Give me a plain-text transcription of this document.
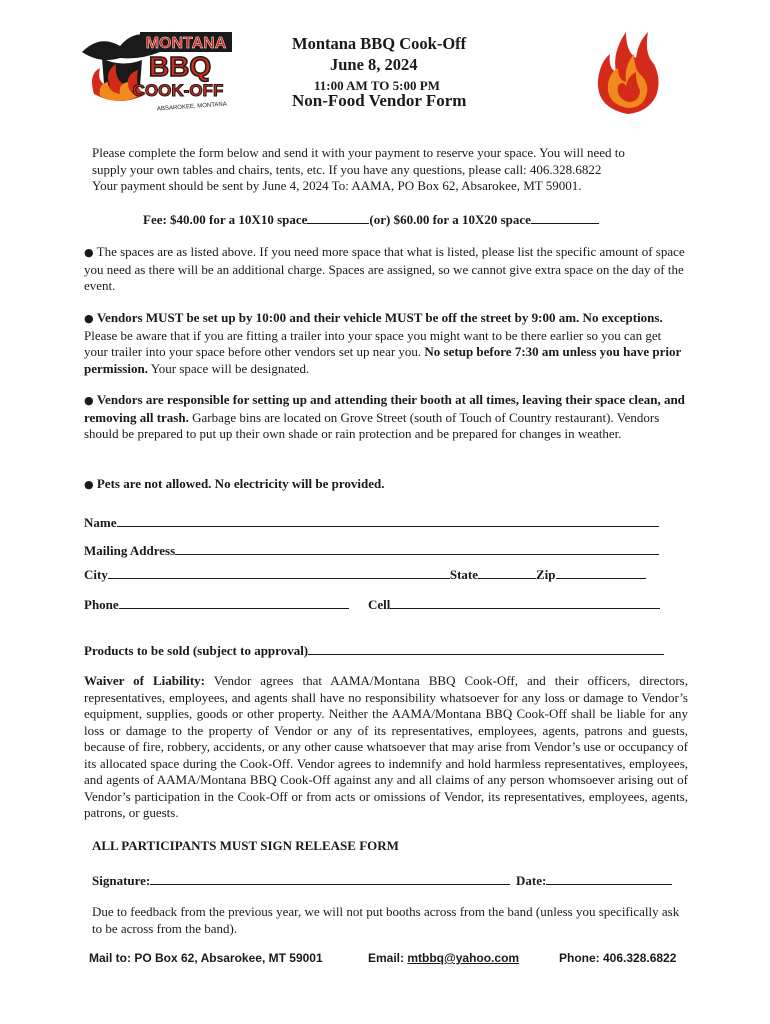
MONTANA
BBQ
COOK-OFF
ABSAROKEE, MONTANA
Montana BBQ Cook-Off
June 8, 2024
11:00 AM TO 5:00 PM
Non-Food Vendor Form
Please complete the form below and send it with your payment to reserve your space. You will need to
supply your own tables and chairs, tents, etc. If you have any questions, please call: 406.328.6822
Your payment should be sent by June 4, 2024 To: AAMA, PO Box 62, Absarokee, MT 59001.
Fee: $40.00 for a 10X10 space	(or) $60.00 for a 10X20 space
● The spaces are as listed above. If you need more space that what is listed, please list the specific amount of space you need as there will be an additional charge. Spaces are assigned, so we cannot give extra space on the day of the event.
● Vendors MUST be set up by 10:00 and their vehicle MUST be off the street by 9:00 am. No exceptions. Please be aware that if you are fitting a trailer into your space you might want to be there earlier so you can get your trailer into your space before other vendors set up near you. No setup before 7:30 am unless you have prior permission. Your space will be designated.
● Vendors are responsible for setting up and attending their booth at all times, leaving their space clean, and removing all trash. Garbage bins are located on Grove Street (south of Touch of Country restaurant). Vendors should be prepared to put up their own shade or rain protection and be prepared for changes in weather.
● Pets are not allowed. No electricity will be provided.
Name
Mailing Address
City	State	Zip
Phone	Cell
Products to be sold (subject to approval)
Waiver of Liability: Vendor agrees that AAMA/Montana BBQ Cook-Off, and their officers, directors, representatives, employees, and agents shall have no responsibility whatsoever for any loss or damage to Vendor’s equipment, supplies, goods or other property. Neither the AAMA/Montana BBQ Cook-Off shall be liable for any loss or damage to the property of Vendor or any of its representatives, employees, agents, patrons and guests, because of fire, robbery, accidents, or any other cause whatsoever that may arise from Vendor’s use or occupancy of its allocated space during the Cook-Off. Vendor agrees to indemnify and hold harmless representatives, employees, and agents of AAMA/Montana BBQ Cook-Off against any and all claims of any person whomsoever arising out of Vendor’s participation in the Cook-Off or from acts or omissions of Vendor, its representatives, employees, agents, patrons, or guests.
ALL PARTICIPANTS MUST SIGN RELEASE FORM
Signature:	Date:
Due to feedback from the previous year, we will not put booths across from the band (unless you specifically ask to be across from the band).
Mail to: PO Box 62, Absarokee, MT 59001	Email: mtbbq@yahoo.com	Phone: 406.328.6822
